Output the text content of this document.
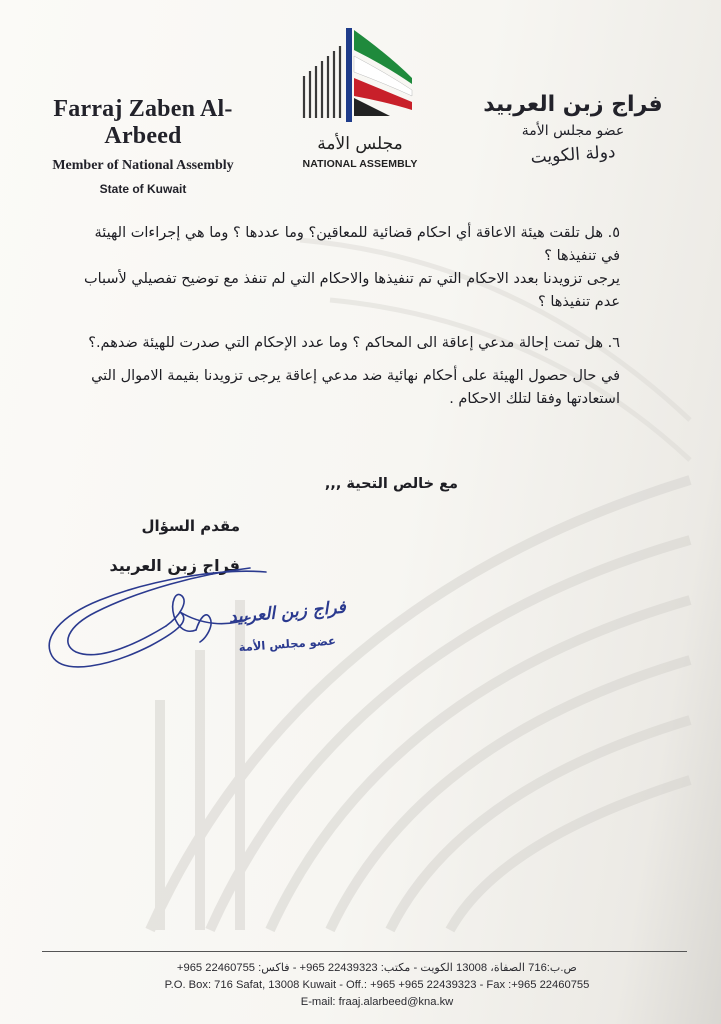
Farraj Zaben Al-Arbeed
Member of National Assembly
State of Kuwait
مجلس الأمة
NATIONAL ASSEMBLY
فراج زبن العربيد
عضو مجلس الأمة
دولة الكويت

٥. هل تلقت هيئة الاعاقة أي احكام قضائية للمعاقين؟ وما عددها ؟ وما هي إجراءات الهيئة في تنفيذها ؟

يرجى تزويدنا بعدد الاحكام التي تم تنفيذها والاحكام التي لم تنفذ مع توضيح تفصيلي لأسباب عدم تنفيذها ؟

٦. هل تمت إحالة مدعي إعاقة الى المحاكم ؟ وما عدد الإحكام التي صدرت للهيئة ضدهم.؟

في حال حصول الهيئة على أحكام نهائية ضد مدعي إعاقة يرجى تزويدنا بقيمة الاموال التي استعادتها وفقا لتلك الاحكام .

مع خالص التحية ,,,
مقدم السؤال
فراج زبن العربيد
فراج زبن العربيد
عضو مجلس الأمة
ص.ب:716 الصفاة، 13008 الكويت - مكتب: 22439323 965+ - فاكس: 22460755 965+
P.O. Box: 716 Safat, 13008 Kuwait - Off.: +965 +965 22439323 - Fax :+965 22460755
E-mail: fraaj.alarbeed@kna.kw
